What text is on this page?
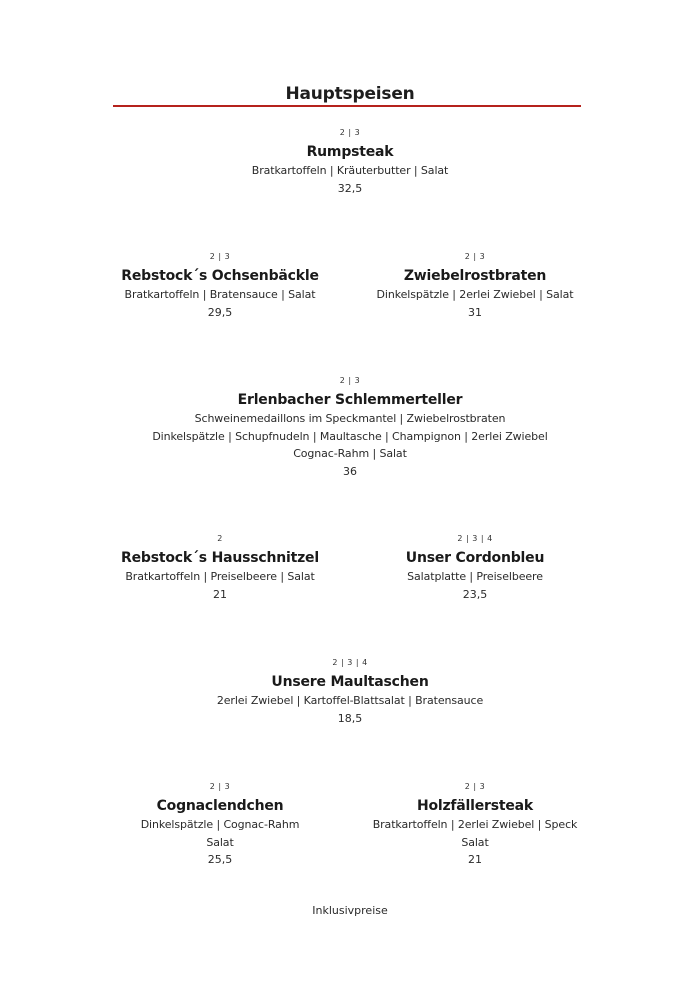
Hauptspeisen
2 | 3
Rumpsteak
Bratkartoffeln | Kräuterbutter | Salat
32,5
2 | 3
Rebstock´s Ochsenbäckle
Bratkartoffeln | Bratensauce | Salat
29,5
2 | 3
Zwiebelrostbraten
Dinkelspätzle | 2erlei Zwiebel | Salat
31
2 | 3
Erlenbacher Schlemmerteller
Schweinemedaillons im Speckmantel | Zwiebelrostbraten
Dinkelspätzle | Schupfnudeln | Maultasche | Champignon | 2erlei Zwiebel
Cognac-Rahm | Salat
36
2
Rebstock´s Hausschnitzel
Bratkartoffeln | Preiselbeere | Salat
21
2 | 3 | 4
Unser Cordonbleu
Salatplatte | Preiselbeere
23,5
2 | 3 | 4
Unsere Maultaschen
2erlei Zwiebel | Kartoffel-Blattsalat | Bratensauce
18,5
2 | 3
Cognaclendchen
Dinkelspätzle | Cognac-Rahm
Salat
25,5
2 | 3
Holzfällersteak
Bratkartoffeln | 2erlei Zwiebel | Speck
Salat
21
Inklusivpreise
